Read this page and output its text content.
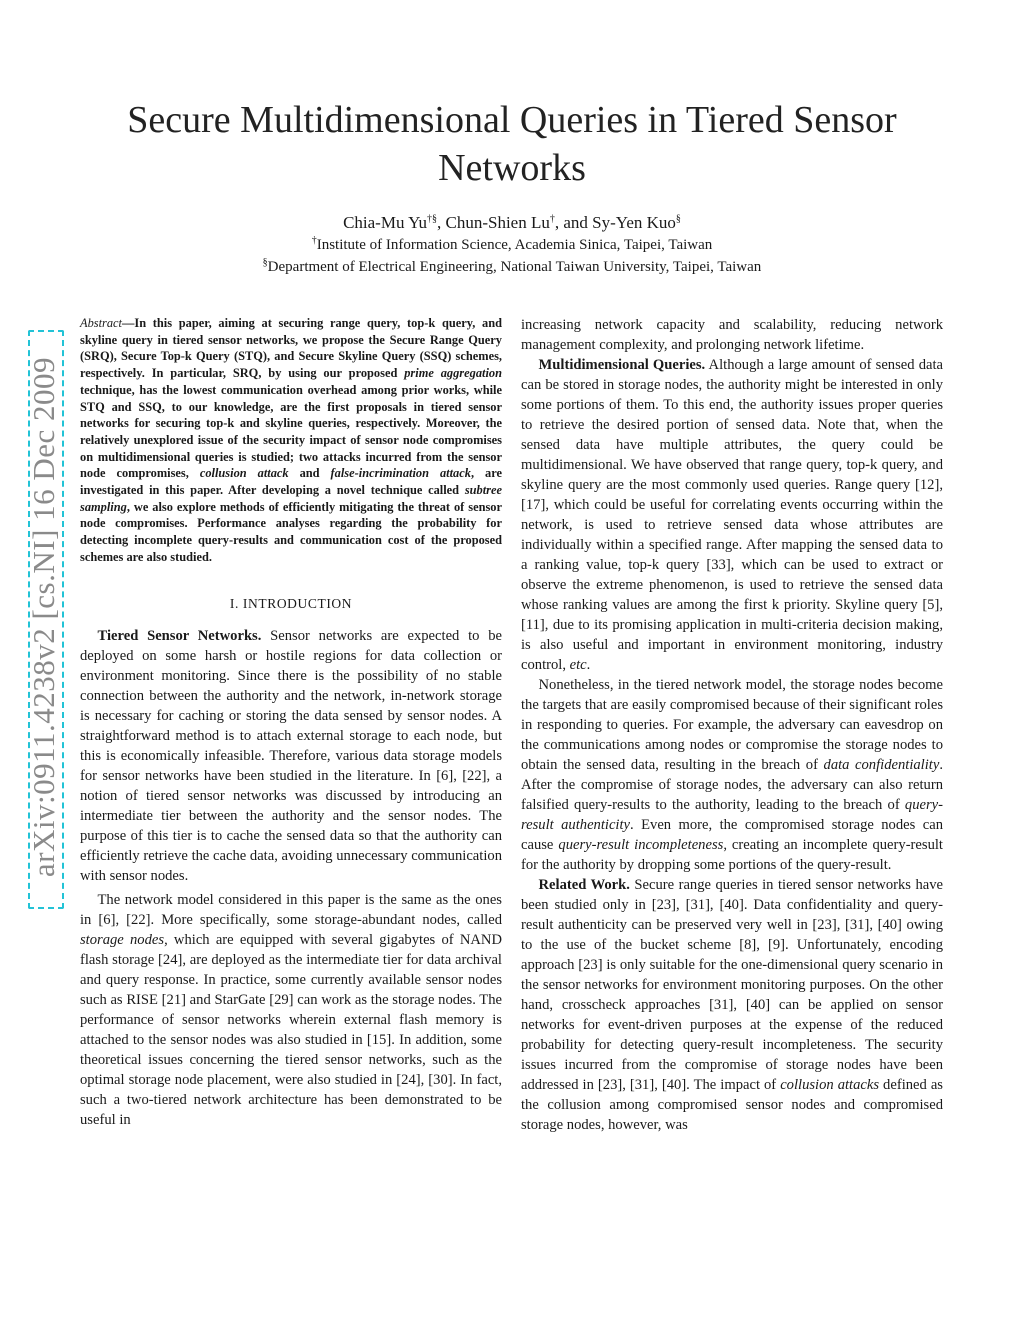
Secure Multidimensional Queries in Tiered Sensor Networks
Chia-Mu Yu†§, Chun-Shien Lu†, and Sy-Yen Kuo§
†Institute of Information Science, Academia Sinica, Taipei, Taiwan
§Department of Electrical Engineering, National Taiwan University, Taipei, Taiwan
arXiv:0911.4238v2 [cs.NI] 16 Dec 2009
Abstract—In this paper, aiming at securing range query, top-k query, and skyline query in tiered sensor networks, we propose the Secure Range Query (SRQ), Secure Top-k Query (STQ), and Secure Skyline Query (SSQ) schemes, respectively. In particular, SRQ, by using our proposed prime aggregation technique, has the lowest communication overhead among prior works, while STQ and SSQ, to our knowledge, are the first proposals in tiered sensor networks for securing top-k and skyline queries, respectively. Moreover, the relatively unexplored issue of the security impact of sensor node compromises on multidimensional queries is studied; two attacks incurred from the sensor node compromises, collusion attack and false-incrimination attack, are investigated in this paper. After developing a novel technique called subtree sampling, we also explore methods of efficiently mitigating the threat of sensor node compromises. Performance analyses regarding the probability for detecting incomplete query-results and communication cost of the proposed schemes are also studied.
I. INTRODUCTION

Tiered Sensor Networks. Sensor networks are expected to be deployed on some harsh or hostile regions for data collection or environment monitoring. Since there is the possibility of no stable connection between the authority and the network, in-network storage is necessary for caching or storing the data sensed by sensor nodes. A straightforward method is to attach external storage to each node, but this is economically infeasible. Therefore, various data storage models for sensor networks have been studied in the literature. In [6], [22], a notion of tiered sensor networks was discussed by introducing an intermediate tier between the authority and the sensor nodes. The purpose of this tier is to cache the sensed data so that the authority can efficiently retrieve the cache data, avoiding unnecessary communication with sensor nodes.

The network model considered in this paper is the same as the ones in [6], [22]. More specifically, some storage-abundant nodes, called storage nodes, which are equipped with several gigabytes of NAND flash storage [24], are deployed as the intermediate tier for data archival and query response. In practice, some currently available sensor nodes such as RISE [21] and StarGate [29] can work as the storage nodes. The performance of sensor networks wherein external flash memory is attached to the sensor nodes was also studied in [15]. In addition, some theoretical issues concerning the tiered sensor networks, such as the optimal storage node placement, were also studied in [24], [30]. In fact, such a two-tiered network architecture has been demonstrated to be useful in

increasing network capacity and scalability, reducing network management complexity, and prolonging network lifetime.

Multidimensional Queries. Although a large amount of sensed data can be stored in storage nodes, the authority might be interested in only some portions of them. To this end, the authority issues proper queries to retrieve the desired portion of sensed data. Note that, when the sensed data have multiple attributes, the query could be multidimensional. We have observed that range query, top-k query, and skyline query are the most commonly used queries. Range query [12], [17], which could be useful for correlating events occurring within the network, is used to retrieve sensed data whose attributes are individually within a specified range. After mapping the sensed data to a ranking value, top-k query [33], which can be used to extract or observe the extreme phenomenon, is used to retrieve the sensed data whose ranking values are among the first k priority. Skyline query [5], [11], due to its promising application in multi-criteria decision making, is also useful and important in environment monitoring, industry control, etc.

Nonetheless, in the tiered network model, the storage nodes become the targets that are easily compromised because of their significant roles in responding to queries. For example, the adversary can eavesdrop on the communications among nodes or compromise the storage nodes to obtain the sensed data, resulting in the breach of data confidentiality. After the compromise of storage nodes, the adversary can also return falsified query-results to the authority, leading to the breach of query-result authenticity. Even more, the compromised storage nodes can cause query-result incompleteness, creating an incomplete query-result for the authority by dropping some portions of the query-result.

Related Work. Secure range queries in tiered sensor networks have been studied only in [23], [31], [40]. Data confidentiality and query-result authenticity can be preserved very well in [23], [31], [40] owing to the use of the bucket scheme [8], [9]. Unfortunately, encoding approach [23] is only suitable for the one-dimensional query scenario in the sensor networks for environment monitoring purposes. On the other hand, crosscheck approaches [31], [40] can be applied on sensor networks for event-driven purposes at the expense of the reduced probability for detecting query-result incompleteness. The security issues incurred from the compromise of storage nodes have been addressed in [23], [31], [40]. The impact of collusion attacks defined as the collusion among compromised sensor nodes and compromised storage nodes, however, was
